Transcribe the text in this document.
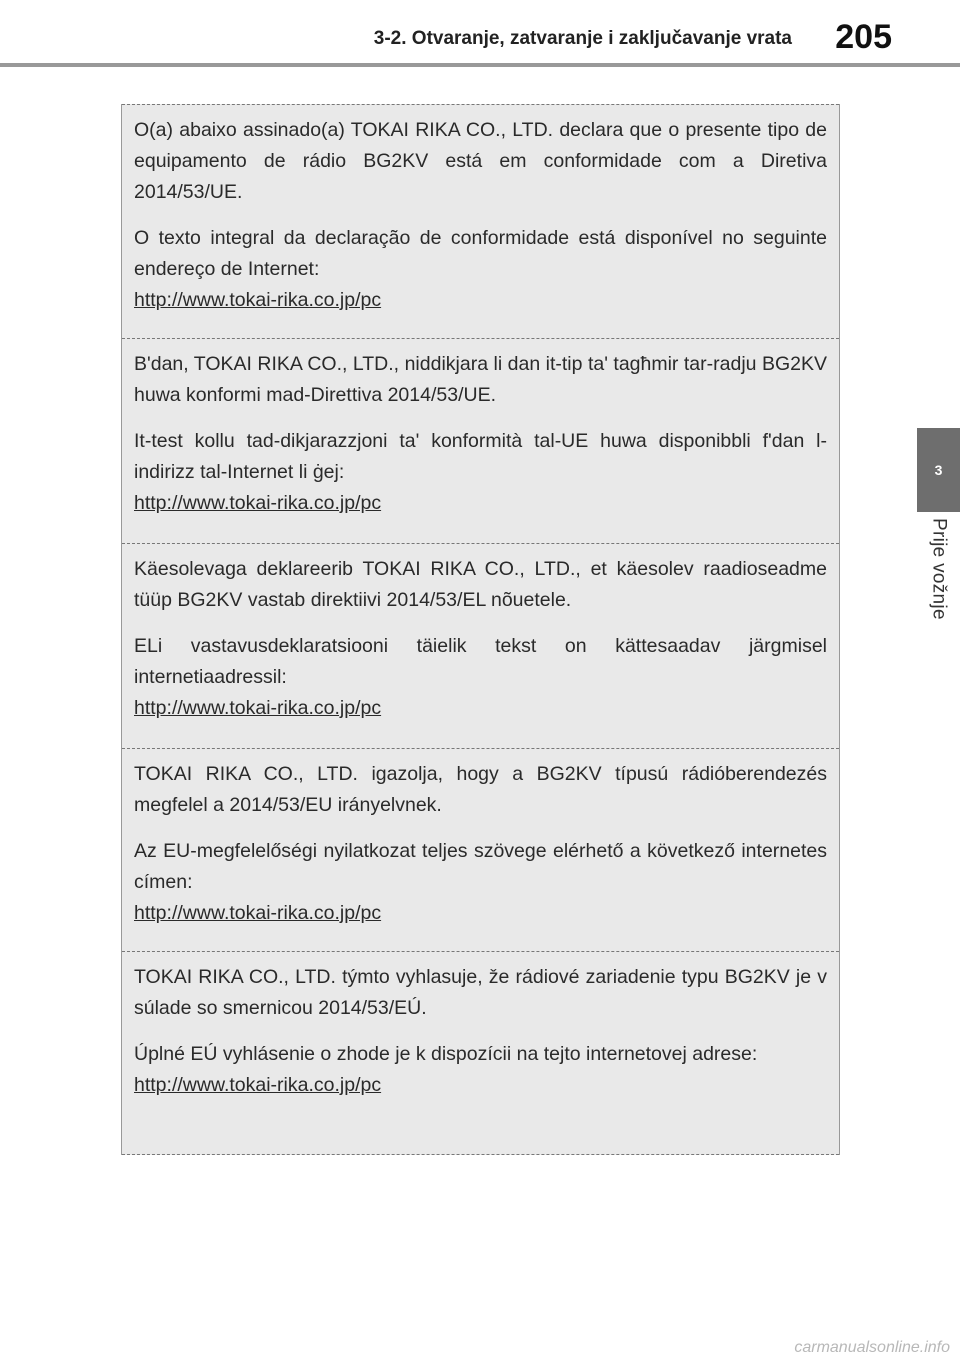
3-2. Otvaranje, zatvaranje i zaključavanje vrata 205
3
Prije vožnje

O(a) abaixo assinado(a) TOKAI RIKA CO., LTD. declara que o presente tipo de equipamento de rádio BG2KV está em conformidade com a Diretiva 2014/53/UE.

O texto integral da declaração de conformidade está disponível no seguinte endereço de Internet:

http://www.tokai-rika.co.jp/pc

B'dan, TOKAI RIKA CO., LTD., niddikjara li dan it-tip ta' tagħmir tar-radju BG2KV huwa konformi mad-Direttiva 2014/53/UE.

It-test kollu tad-dikjarazzjoni ta' konformità tal-UE huwa disponibbli f'dan l-indirizz tal-Internet li ġej:

http://www.tokai-rika.co.jp/pc

Käesolevaga deklareerib TOKAI RIKA CO., LTD., et käesolev raadioseadme tüüp BG2KV vastab direktiivi 2014/53/EL nõuetele.

ELi vastavusdeklaratsiooni täielik tekst on kättesaadav järgmisel internetiaadressil:

http://www.tokai-rika.co.jp/pc

TOKAI RIKA CO., LTD. igazolja, hogy a BG2KV típusú rádióberendezés megfelel a 2014/53/EU irányelvnek.

Az EU-megfelelőségi nyilatkozat teljes szövege elérhető a következő internetes címen:

http://www.tokai-rika.co.jp/pc

TOKAI RIKA CO., LTD. týmto vyhlasuje, že rádiové zariadenie typu BG2KV je v súlade so smernicou 2014/53/EÚ.

Úplné EÚ vyhlásenie o zhode je k dispozícii na tejto internetovej adrese:

http://www.tokai-rika.co.jp/pc
carmanualsonline.info
